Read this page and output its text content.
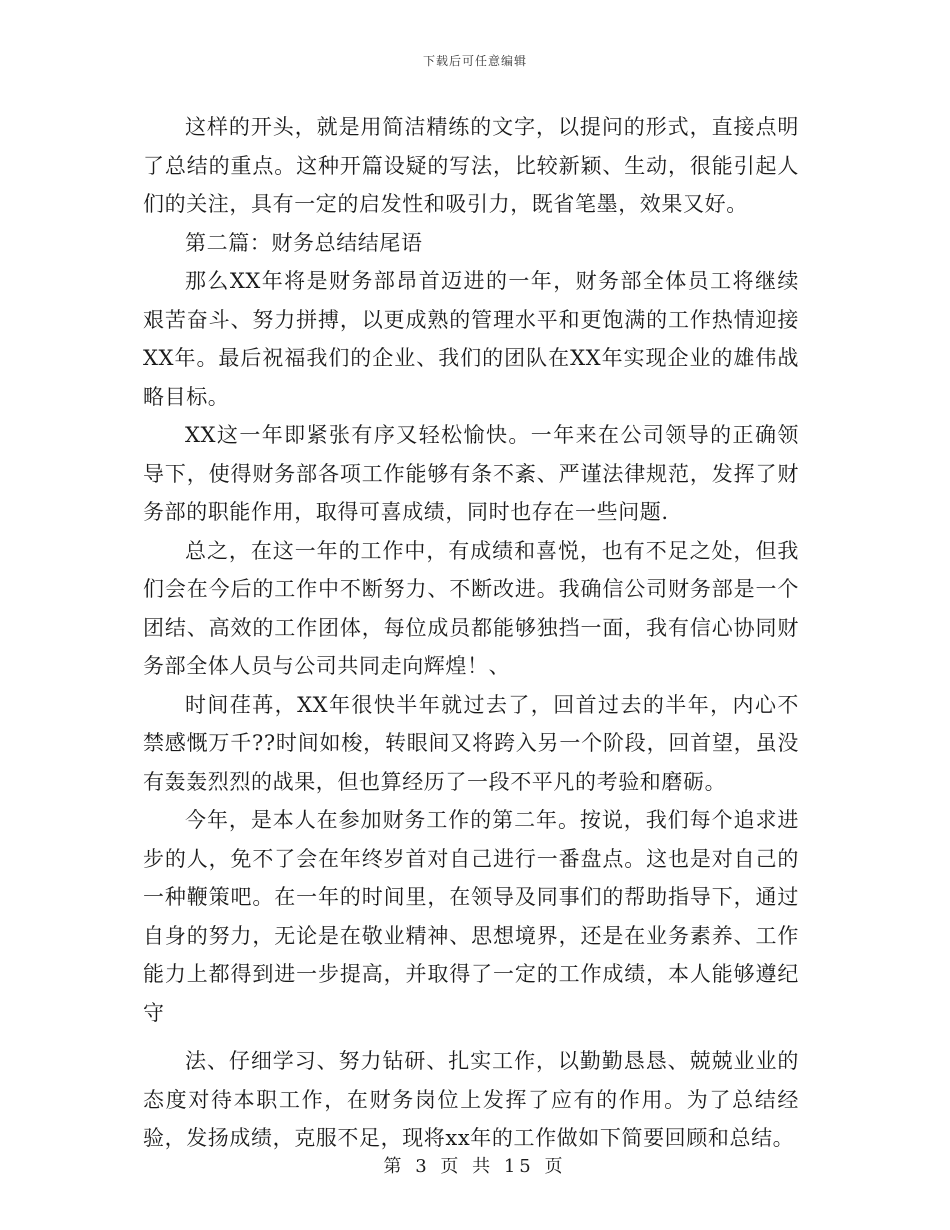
下载后可任意编辑

这样的开头，就是用简洁精练的文字，以提问的形式，直接点明了总结的重点。这种开篇设疑的写法，比较新颖、生动，很能引起人们的关注，具有一定的启发性和吸引力，既省笔墨，效果又好。

第二篇：财务总结结尾语

那么XX年将是财务部昂首迈进的一年，财务部全体员工将继续艰苦奋斗、努力拼搏，以更成熟的管理水平和更饱满的工作热情迎接XX年。最后祝福我们的企业、我们的团队在XX年实现企业的雄伟战略目标。

XX这一年即紧张有序又轻松愉快。一年来在公司领导的正确领导下，使得财务部各项工作能够有条不紊、严谨法律规范，发挥了财务部的职能作用，取得可喜成绩，同时也存在一些问题.

总之，在这一年的工作中，有成绩和喜悦，也有不足之处，但我们会在今后的工作中不断努力、不断改进。我确信公司财务部是一个团结、高效的工作团体，每位成员都能够独挡一面，我有信心协同财务部全体人员与公司共同走向辉煌！、

时间荏苒，XX年很快半年就过去了，回首过去的半年，内心不禁感慨万千??时间如梭，转眼间又将跨入另一个阶段，回首望，虽没有轰轰烈烈的战果，但也算经历了一段不平凡的考验和磨砺。

今年，是本人在参加财务工作的第二年。按说，我们每个追求进步的人，免不了会在年终岁首对自己进行一番盘点。这也是对自己的一种鞭策吧。在一年的时间里，在领导及同事们的帮助指导下，通过自身的努力，无论是在敬业精神、思想境界，还是在业务素养、工作能力上都得到进一步提高，并取得了一定的工作成绩，本人能够遵纪守

法、仔细学习、努力钻研、扎实工作，以勤勤恳恳、兢兢业业的态度对待本职工作，在财务岗位上发挥了应有的作用。为了总结经验，发扬成绩，克服不足，现将xx年的工作做如下简要回顾和总结。

第 3 页 共 15 页
